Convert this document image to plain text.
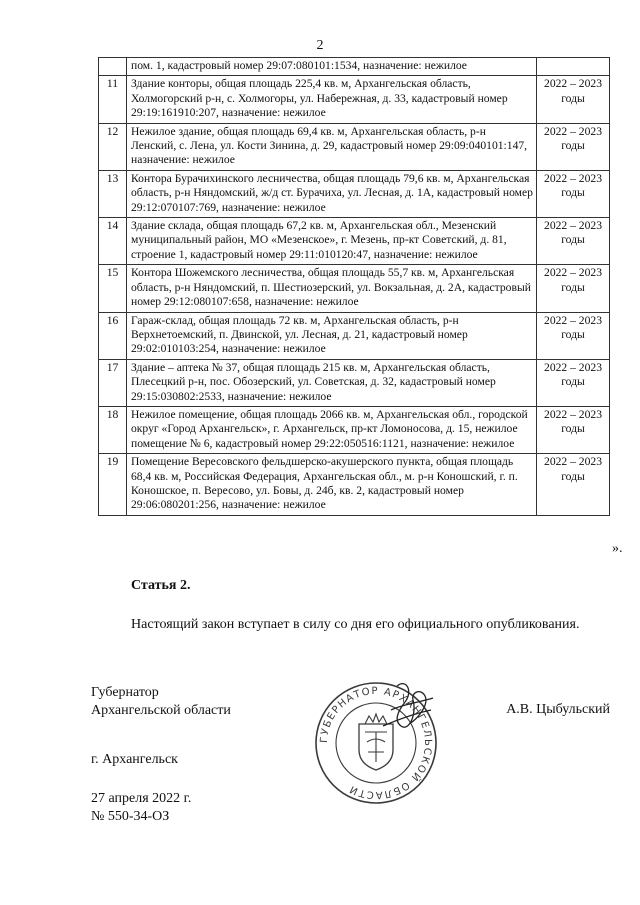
2
	пом. 1, кадастровый номер 29:07:080101:1534, назначение: нежилое	
11	Здание конторы, общая площадь 225,4 кв. м, Архангельская область, Холмогорский р-н, с. Холмогоры, ул. Набережная, д. 33, кадастровый номер 29:19:161910:207, назначение: нежилое	2022 – 2023 годы
12	Нежилое здание, общая площадь 69,4 кв. м, Архангельская область, р-н Ленский, с. Лена, ул. Кости Зинина, д. 29, кадастровый номер 29:09:040101:147, назначение: нежилое	2022 – 2023 годы
13	Контора Бурачихинского лесничества, общая площадь 79,6 кв. м, Архангельская область, р-н Няндомский, ж/д ст. Бурачиха, ул. Лесная, д. 1А, кадастровый номер 29:12:070107:769, назначение: нежилое	2022 – 2023 годы
14	Здание склада, общая площадь 67,2 кв. м, Архангельская обл., Мезенский муниципальный район, МО «Мезенское», г. Мезень, пр-кт Советский, д. 81, строение 1, кадастровый номер 29:11:010120:47, назначение: нежилое	2022 – 2023 годы
15	Контора Шожемского лесничества, общая площадь 55,7 кв. м, Архангельская область, р-н Няндомский, п. Шестиозерский, ул. Вокзальная, д. 2А, кадастровый номер 29:12:080107:658, назначение: нежилое	2022 – 2023 годы
16	Гараж-склад, общая площадь 72 кв. м, Архангельская область, р-н Верхнетоемский, п. Двинской, ул. Лесная, д. 21, кадастровый номер 29:02:010103:254, назначение: нежилое	2022 – 2023 годы
17	Здание – аптека № 37, общая площадь 215 кв. м, Архангельская область, Плесецкий р-н, пос. Обозерский, ул. Советская, д. 32, кадастровый номер 29:15:030802:2533, назначение: нежилое	2022 – 2023 годы
18	Нежилое помещение, общая площадь 2066 кв. м, Архангельская обл., городской округ «Город Архангельск», г. Архангельск, пр-кт Ломоносова, д. 15, нежилое помещение № 6, кадастровый номер 29:22:050516:1121, назначение: нежилое	2022 – 2023 годы
19	Помещение Вересовского фельдшерско-акушерского пункта, общая площадь 68,4 кв. м, Российская Федерация, Архангельская обл., м. р-н Коношский, г. п. Коношское, п. Вересово, ул. Бовы, д. 24б, кв. 2, кадастровый номер 29:06:080201:256, назначение: нежилое	2022 – 2023 годы
».
Статья 2.

Настоящий закон вступает в силу со дня его официального опубликования.

Губернатор
Архангельской области
ГУБЕРНАТОР АРХАНГЕЛЬСКОЙ ОБЛАСТИ
А.В. Цыбульский
г. Архангельск
27 апреля 2022 г.
№ 550-34-ОЗ
